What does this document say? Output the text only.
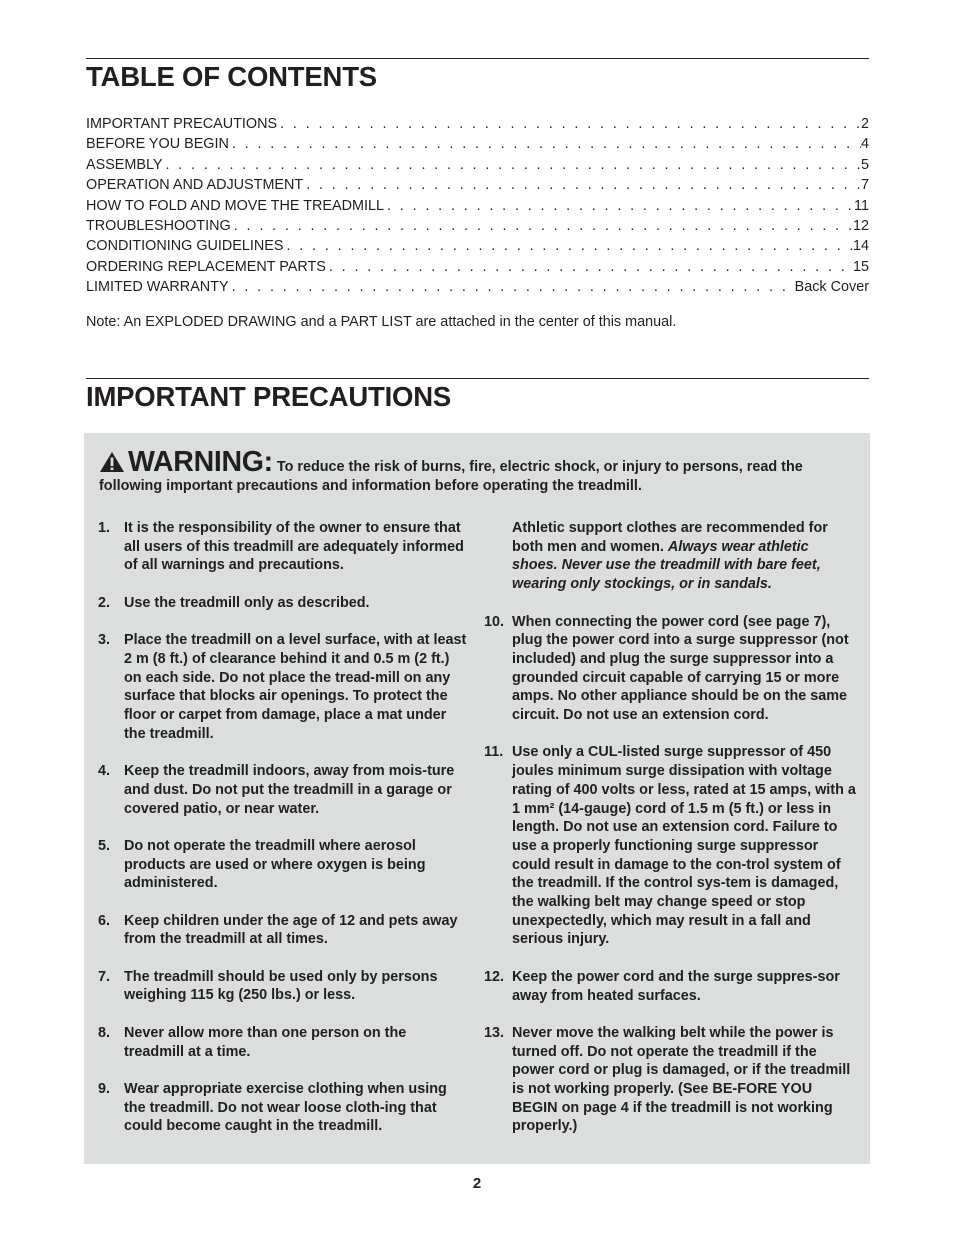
TABLE OF CONTENTS
IMPORTANT PRECAUTIONS . . .	2
BEFORE YOU BEGIN . . .	4
ASSEMBLY . . .	5
OPERATION AND ADJUSTMENT . . .	7
HOW TO FOLD AND MOVE THE TREADMILL . . .	11
TROUBLESHOOTING . . .	12
CONDITIONING GUIDELINES . . .	14
ORDERING REPLACEMENT PARTS . . .	15
LIMITED WARRANTY . . .	Back Cover
Note: An EXPLODED DRAWING and a PART LIST are attached in the center of this manual.
IMPORTANT PRECAUTIONS
WARNING: To reduce the risk of burns, fire, electric shock, or injury to persons, read the following important precautions and information before operating the treadmill.
1. It is the responsibility of the owner to ensure that all users of this treadmill are adequately informed of all warnings and precautions.
2. Use the treadmill only as described.
3. Place the treadmill on a level surface, with at least 2 m (8 ft.) of clearance behind it and 0.5 m (2 ft.) on each side. Do not place the tread-mill on any surface that blocks air openings. To protect the floor or carpet from damage, place a mat under the treadmill.
4. Keep the treadmill indoors, away from mois-ture and dust. Do not put the treadmill in a garage or covered patio, or near water.
5. Do not operate the treadmill where aerosol products are used or where oxygen is being administered.
6. Keep children under the age of 12 and pets away from the treadmill at all times.
7. The treadmill should be used only by persons weighing 115 kg (250 lbs.) or less.
8. Never allow more than one person on the treadmill at a time.
9. Wear appropriate exercise clothing when using the treadmill. Do not wear loose cloth-ing that could become caught in the treadmill.
Athletic support clothes are recommended for both men and women. Always wear athletic shoes. Never use the treadmill with bare feet, wearing only stockings, or in sandals.
10. When connecting the power cord (see page 7), plug the power cord into a surge suppressor (not included) and plug the surge suppressor into a grounded circuit capable of carrying 15 or more amps. No other appliance should be on the same circuit. Do not use an extension cord.
11. Use only a CUL-listed surge suppressor of 450 joules minimum surge dissipation with voltage rating of 400 volts or less, rated at 15 amps, with a 1 mm² (14-gauge) cord of 1.5 m (5 ft.) or less in length. Do not use an extension cord. Failure to use a properly functioning surge suppressor could result in damage to the con-trol system of the treadmill. If the control sys-tem is damaged, the walking belt may change speed or stop unexpectedly, which may result in a fall and serious injury.
12. Keep the power cord and the surge suppres-sor away from heated surfaces.
13. Never move the walking belt while the power is turned off. Do not operate the treadmill if the power cord or plug is damaged, or if the treadmill is not working properly. (See BE-FORE YOU BEGIN on page 4 if the treadmill is not working properly.)
2
